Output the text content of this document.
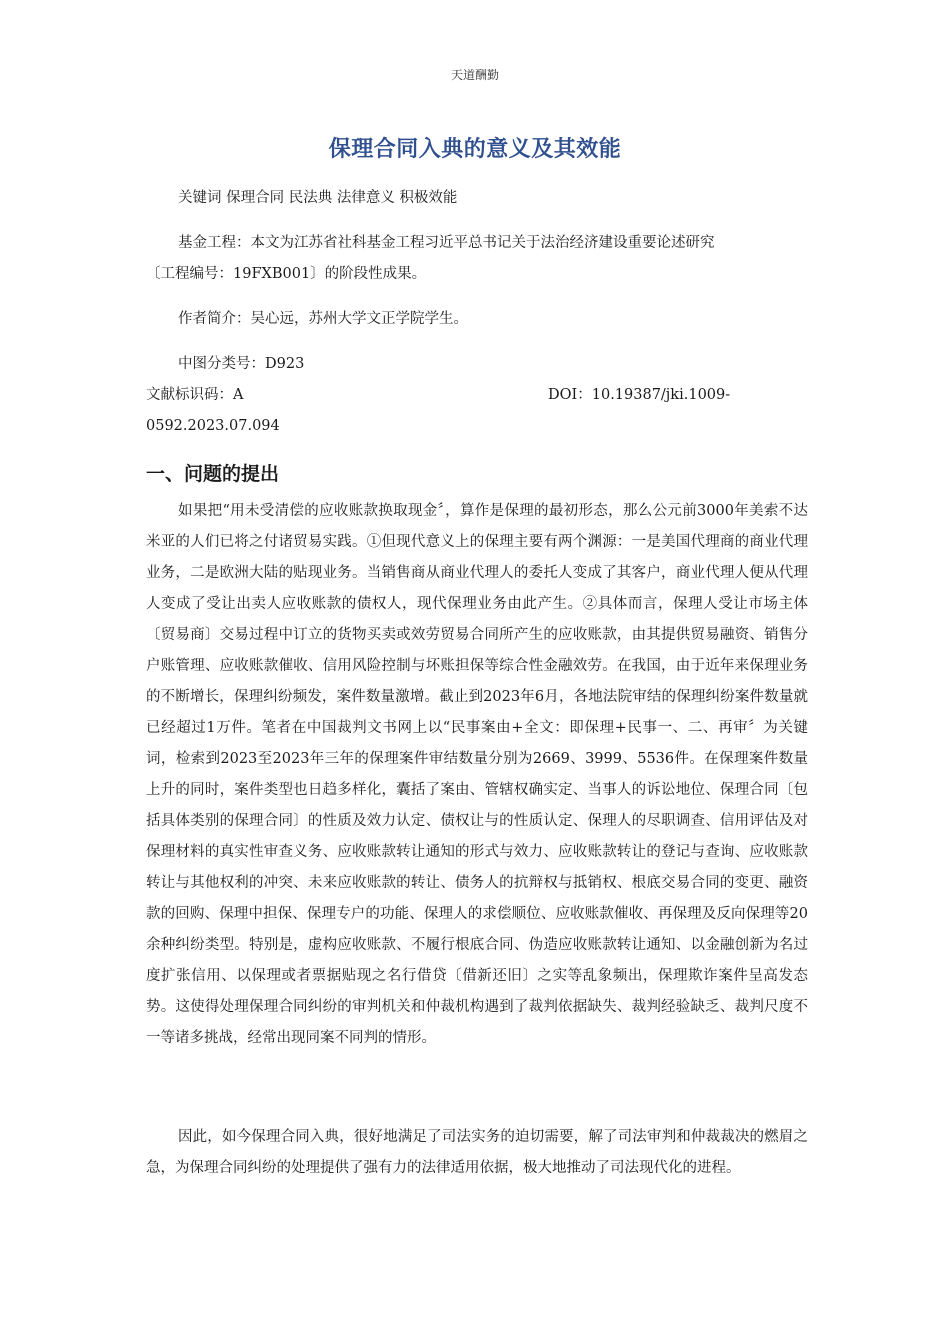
天道酬勤
保理合同入典的意义及其效能
关键词 保理合同 民法典 法律意义 积极效能
基金工程：本文为江苏省社科基金工程习近平总书记关于法治经济建设重要论述研究
〔工程编号：19FXB001〕的阶段性成果。
作者简介：吴心远，苏州大学文正学院学生。
中图分类号：D923
文献标识码：A	DOI：10.19387/jki.1009-
0592.2023.07.094
一、问题的提出

如果把“用未受清偿的应收账款换取现金〞，算作是保理的最初形态，那么公元前3000年美索不达米亚的人们已将之付诸贸易实践。①但现代意义上的保理主要有两个渊源：一是美国代理商的商业代理业务，二是欧洲大陆的贴现业务。当销售商从商业代理人的委托人变成了其客户，商业代理人便从代理人变成了受让出卖人应收账款的债权人，现代保理业务由此产生。②具体而言，保理人受让市场主体〔贸易商〕交易过程中订立的货物买卖或效劳贸易合同所产生的应收账款，由其提供贸易融资、销售分户账管理、应收账款催收、信用风险控制与坏账担保等综合性金融效劳。在我国，由于近年来保理业务的不断增长，保理纠纷频发，案件数量激增。截止到2023年6月，各地法院审结的保理纠纷案件数量就已经超过1万件。笔者在中国裁判文书网上以“民事案由+全文：即保理+民事一、二、再审〞为关键词，检索到2023至2023年三年的保理案件审结数量分别为2669、3999、5536件。在保理案件数量上升的同时，案件类型也日趋多样化，囊括了案由、管辖权确实定、当事人的诉讼地位、保理合同〔包括具体类别的保理合同〕的性质及效力认定、债权让与的性质认定、保理人的尽职调查、信用评估及对保理材料的真实性审查义务、应收账款转让通知的形式与效力、应收账款转让的登记与查询、应收账款转让与其他权利的冲突、未来应收账款的转让、债务人的抗辩权与抵销权、根底交易合同的变更、融资款的回购、保理中担保、保理专户的功能、保理人的求偿顺位、应收账款催收、再保理及反向保理等20余种纠纷类型。特别是，虚构应收账款、不履行根底合同、伪造应收账款转让通知、以金融创新为名过度扩张信用、以保理或者票据贴现之名行借贷〔借新还旧〕之实等乱象频出，保理欺诈案件呈高发态势。这使得处理保理合同纠纷的审判机关和仲裁机构遇到了裁判依据缺失、裁判经验缺乏、裁判尺度不一等诸多挑战，经常出现同案不同判的情形。

因此，如今保理合同入典，很好地满足了司法实务的迫切需要，解了司法审判和仲裁裁决的燃眉之急，为保理合同纠纷的处理提供了强有力的法律适用依据，极大地推动了司法现代化的进程。
